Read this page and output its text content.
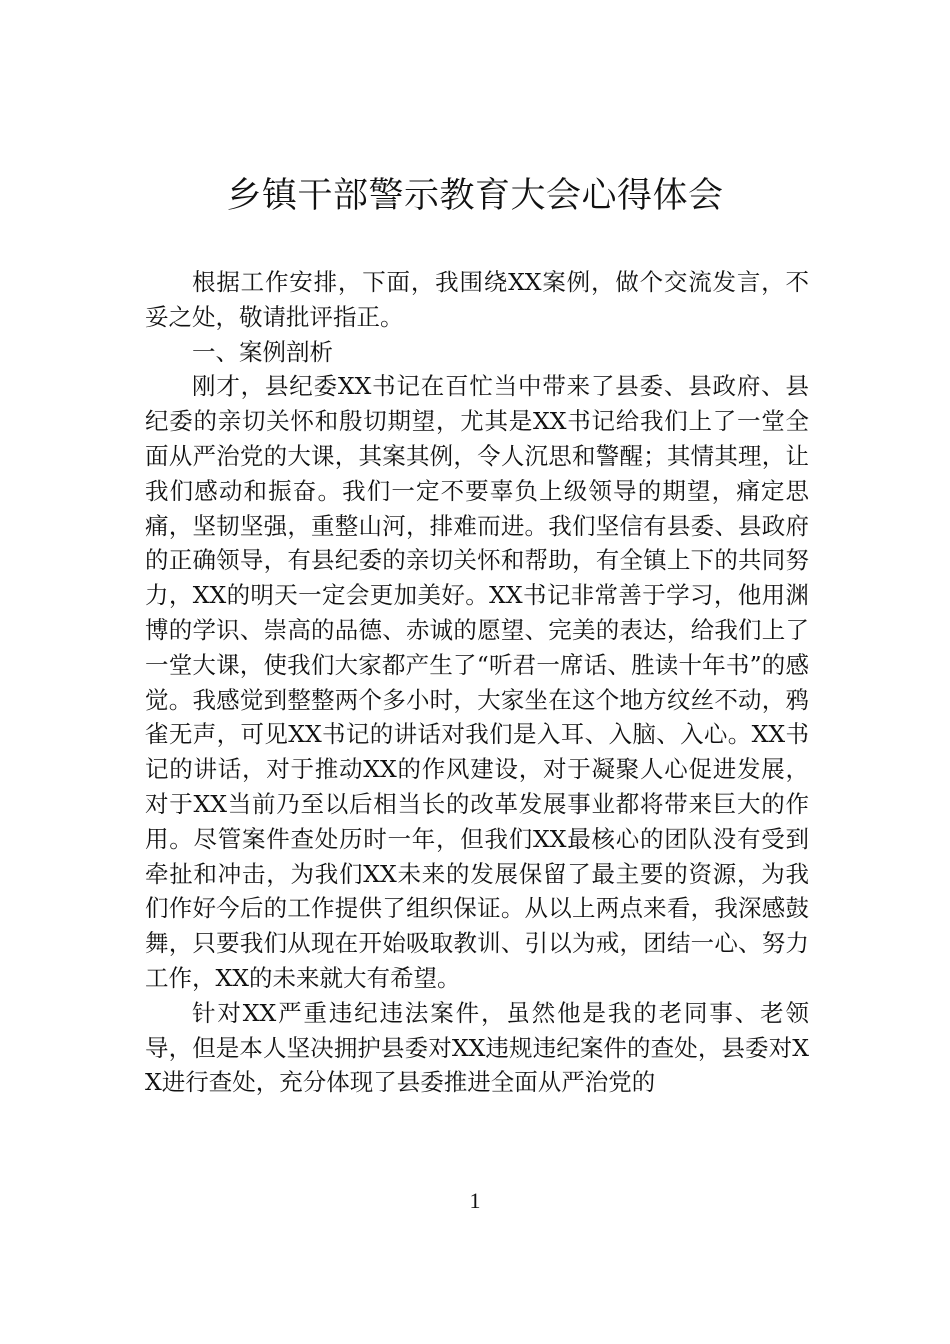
乡镇干部警示教育大会心得体会

根据工作安排，下面，我围绕XX案例，做个交流发言，不妥之处，敬请批评指正。

一、案例剖析

刚才，县纪委XX书记在百忙当中带来了县委、县政府、县纪委的亲切关怀和殷切期望，尤其是XX书记给我们上了一堂全面从严治党的大课，其案其例，令人沉思和警醒；其情其理，让我们感动和振奋。我们一定不要辜负上级领导的期望，痛定思痛，坚韧坚强，重整山河，排难而进。我们坚信有县委、县政府的正确领导，有县纪委的亲切关怀和帮助，有全镇上下的共同努力，XX的明天一定会更加美好。XX书记非常善于学习，他用渊博的学识、崇高的品德、赤诚的愿望、完美的表达，给我们上了一堂大课，使我们大家都产生了“听君一席话、胜读十年书”的感觉。我感觉到整整两个多小时，大家坐在这个地方纹丝不动，鸦雀无声，可见XX书记的讲话对我们是入耳、入脑、入心。XX书记的讲话，对于推动XX的作风建设，对于凝聚人心促进发展，对于XX当前乃至以后相当长的改革发展事业都将带来巨大的作用。尽管案件查处历时一年，但我们XX最核心的团队没有受到牵扯和冲击，为我们XX未来的发展保留了最主要的资源，为我们作好今后的工作提供了组织保证。从以上两点来看，我深感鼓舞，只要我们从现在开始吸取教训、引以为戒，团结一心、努力工作，XX的未来就大有希望。

针对XX严重违纪违法案件，虽然他是我的老同事、老领导，但是本人坚决拥护县委对XX违规违纪案件的查处，县委对XX进行查处，充分体现了县委推进全面从严治党的

1
